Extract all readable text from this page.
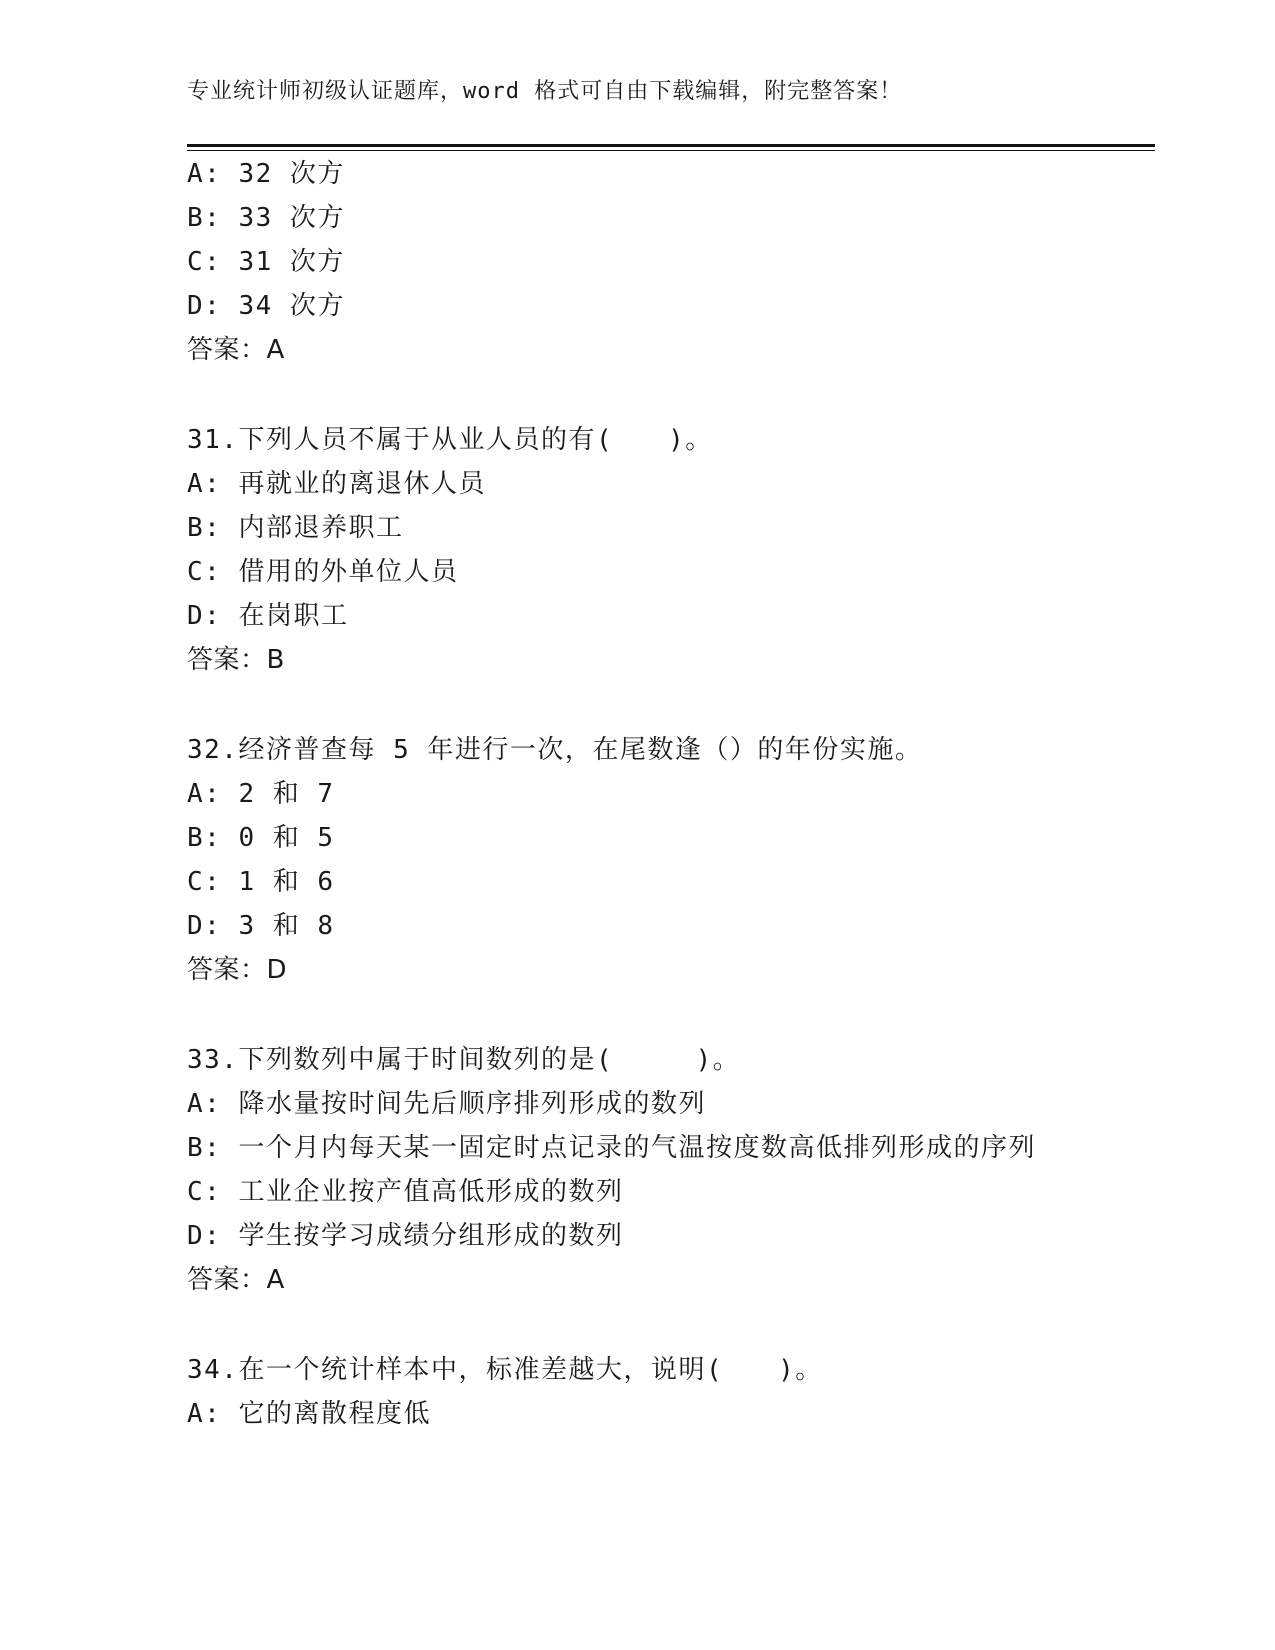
专业统计师初级认证题库，word 格式可自由下载编辑，附完整答案！
A: 32 次方
B: 33 次方
C: 31 次方
D: 34 次方
答案：A
31.下列人员不属于从业人员的有(　　)。
A: 再就业的离退休人员
B: 内部退养职工
C: 借用的外单位人员
D: 在岗职工
答案：B
32.经济普查每 5 年进行一次，在尾数逢（）的年份实施。
A: 2 和 7
B: 0 和 5
C: 1 和 6
D: 3 和 8
答案：D
33.下列数列中属于时间数列的是(　　　)。
A: 降水量按时间先后顺序排列形成的数列
B: 一个月内每天某一固定时点记录的气温按度数高低排列形成的序列
C: 工业企业按产值高低形成的数列
D: 学生按学习成绩分组形成的数列
答案：A
34.在一个统计样本中，标准差越大，说明(　　)。
A: 它的离散程度低
